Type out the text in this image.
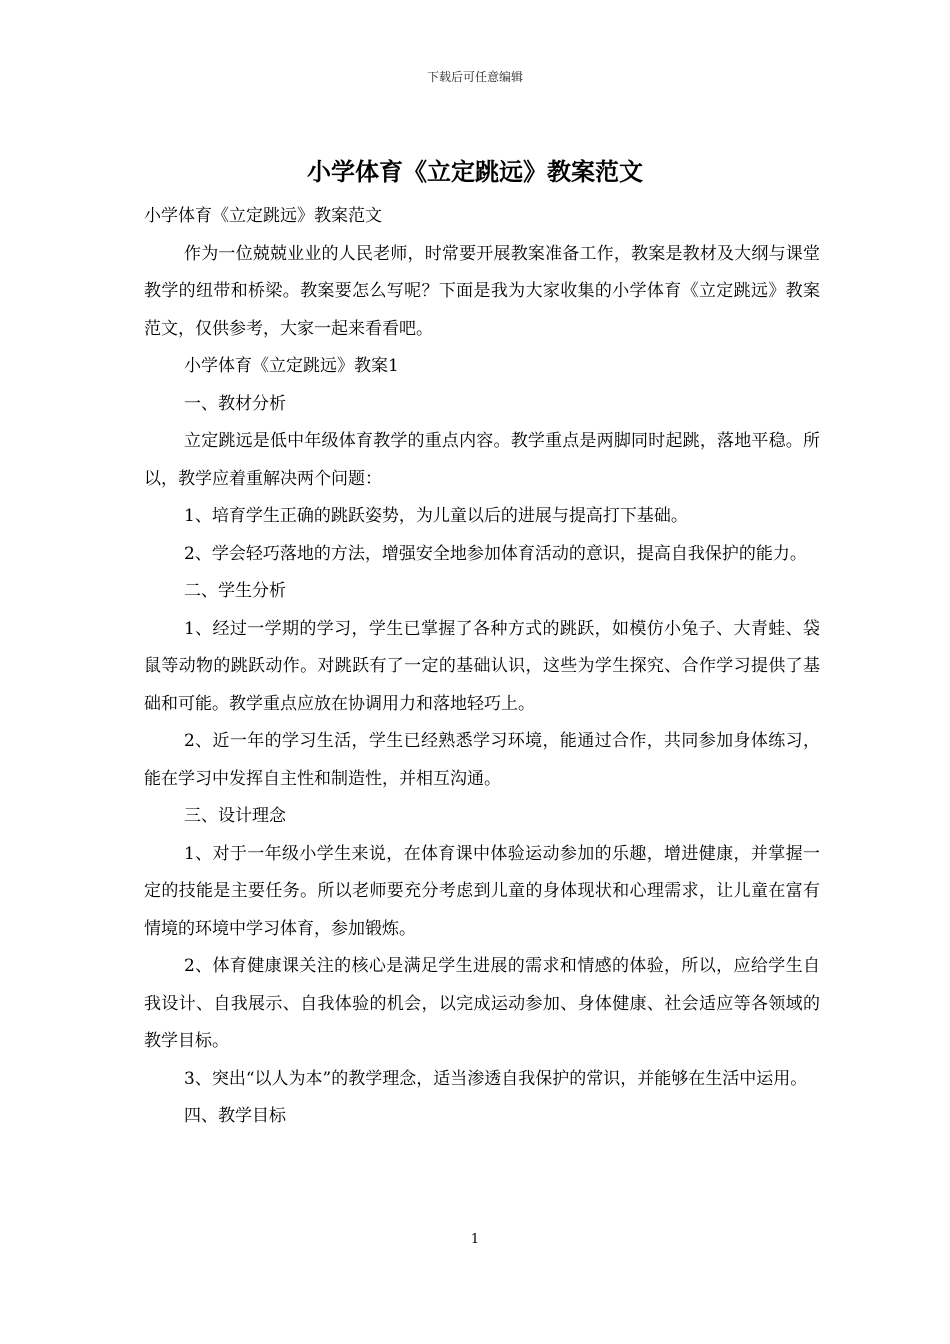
下载后可任意编辑
小学体育《立定跳远》教案范文

小学体育《立定跳远》教案范文

作为一位兢兢业业的人民老师，时常要开展教案准备工作，教案是教材及大纲与课堂教学的纽带和桥梁。教案要怎么写呢？下面是我为大家收集的小学体育《立定跳远》教案范文，仅供参考，大家一起来看看吧。

小学体育《立定跳远》教案1

一、教材分析

立定跳远是低中年级体育教学的重点内容。教学重点是两脚同时起跳，落地平稳。所以，教学应着重解决两个问题：

1、培育学生正确的跳跃姿势，为儿童以后的进展与提高打下基础。

2、学会轻巧落地的方法，增强安全地参加体育活动的意识，提高自我保护的能力。

二、学生分析

1、经过一学期的学习，学生已掌握了各种方式的跳跃，如模仿小兔子、大青蛙、袋鼠等动物的跳跃动作。对跳跃有了一定的基础认识，这些为学生探究、合作学习提供了基础和可能。教学重点应放在协调用力和落地轻巧上。

2、近一年的学习生活，学生已经熟悉学习环境，能通过合作，共同参加身体练习，能在学习中发挥自主性和制造性，并相互沟通。

三、设计理念

1、对于一年级小学生来说，在体育课中体验运动参加的乐趣，增进健康，并掌握一定的技能是主要任务。所以老师要充分考虑到儿童的身体现状和心理需求，让儿童在富有情境的环境中学习体育，参加锻炼。

2、体育健康课关注的核心是满足学生进展的需求和情感的体验，所以，应给学生自我设计、自我展示、自我体验的机会，以完成运动参加、身体健康、社会适应等各领域的教学目标。

3、突出“以人为本”的教学理念，适当渗透自我保护的常识，并能够在生活中运用。

四、教学目标

1
